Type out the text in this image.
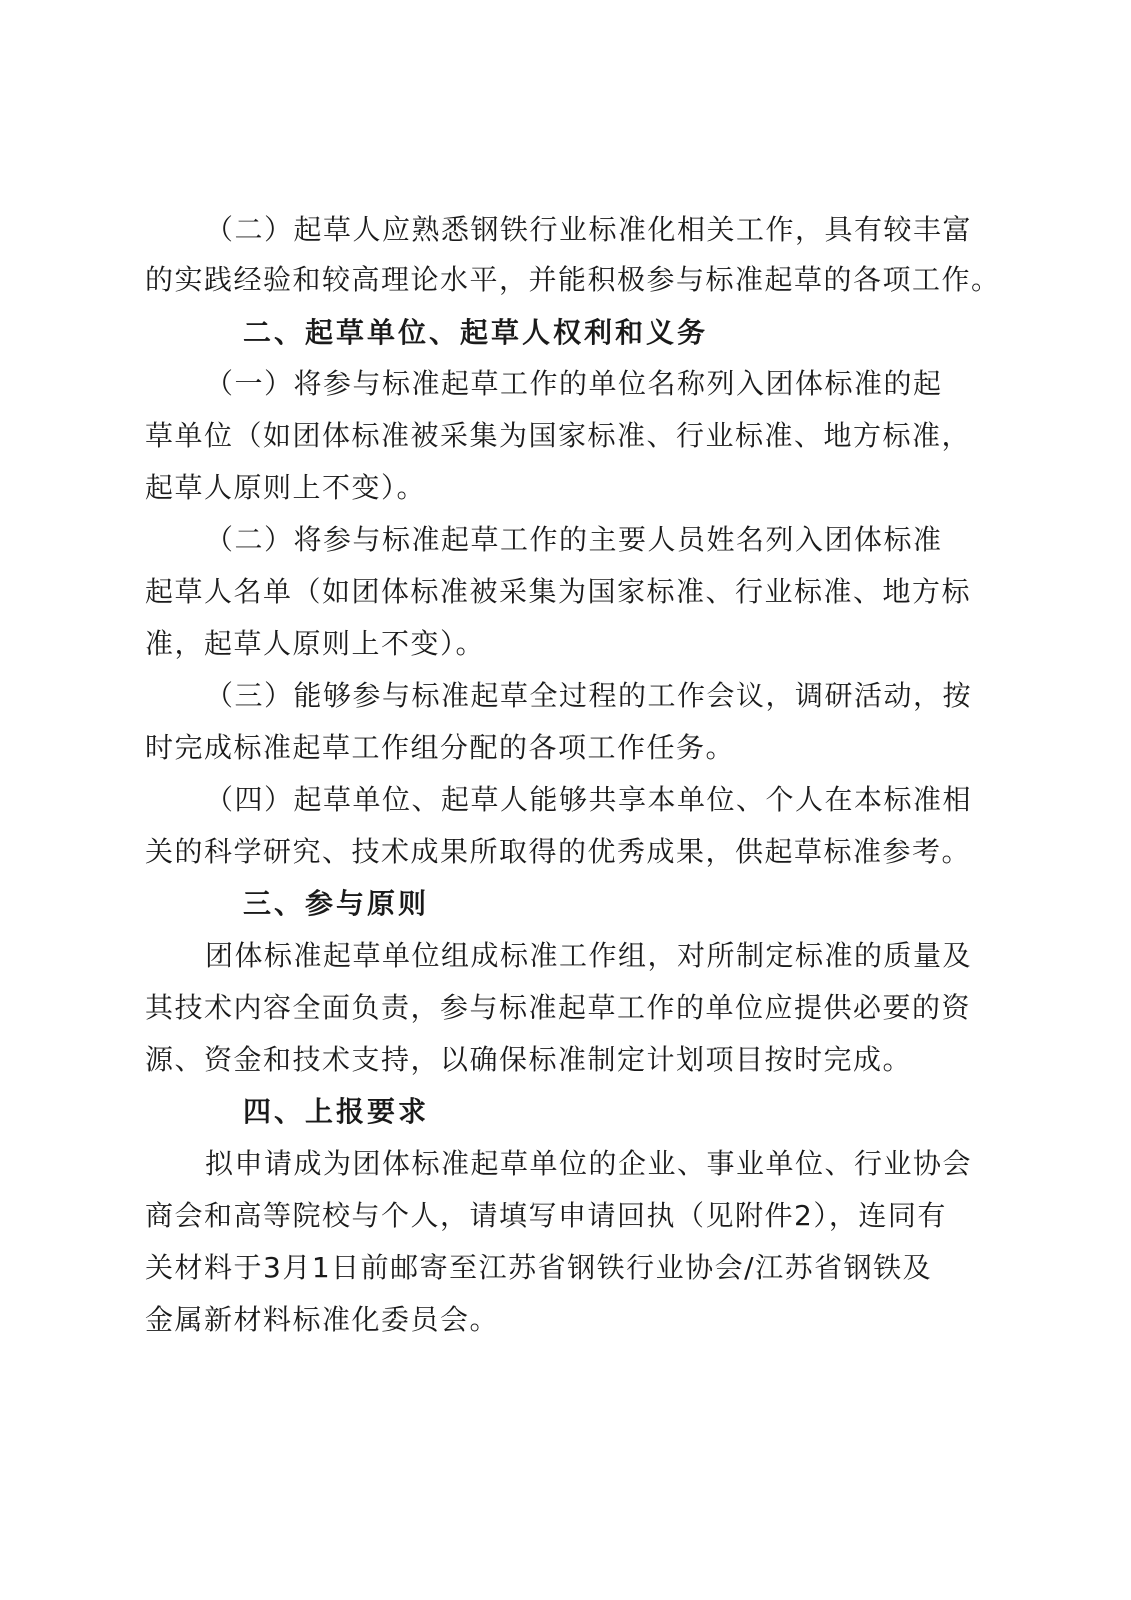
（二）起草人应熟悉钢铁行业标准化相关工作，具有较丰富
的实践经验和较高理论水平，并能积极参与标准起草的各项工作。
二、起草单位、起草人权利和义务
（一）将参与标准起草工作的单位名称列入团体标准的起
草单位（如团体标准被采集为国家标准、行业标准、地方标准，
起草人原则上不变）。
（二）将参与标准起草工作的主要人员姓名列入团体标准
起草人名单（如团体标准被采集为国家标准、行业标准、地方标
准，起草人原则上不变）。
（三）能够参与标准起草全过程的工作会议，调研活动，按
时完成标准起草工作组分配的各项工作任务。
（四）起草单位、起草人能够共享本单位、个人在本标准相
关的科学研究、技术成果所取得的优秀成果，供起草标准参考。
三、参与原则
团体标准起草单位组成标准工作组，对所制定标准的质量及
其技术内容全面负责，参与标准起草工作的单位应提供必要的资
源、资金和技术支持，以确保标准制定计划项目按时完成。
四、上报要求
拟申请成为团体标准起草单位的企业、事业单位、行业协会
商会和高等院校与个人，请填写申请回执（见附件2），连同有
关材料于3月1日前邮寄至江苏省钢铁行业协会/江苏省钢铁及
金属新材料标准化委员会。
